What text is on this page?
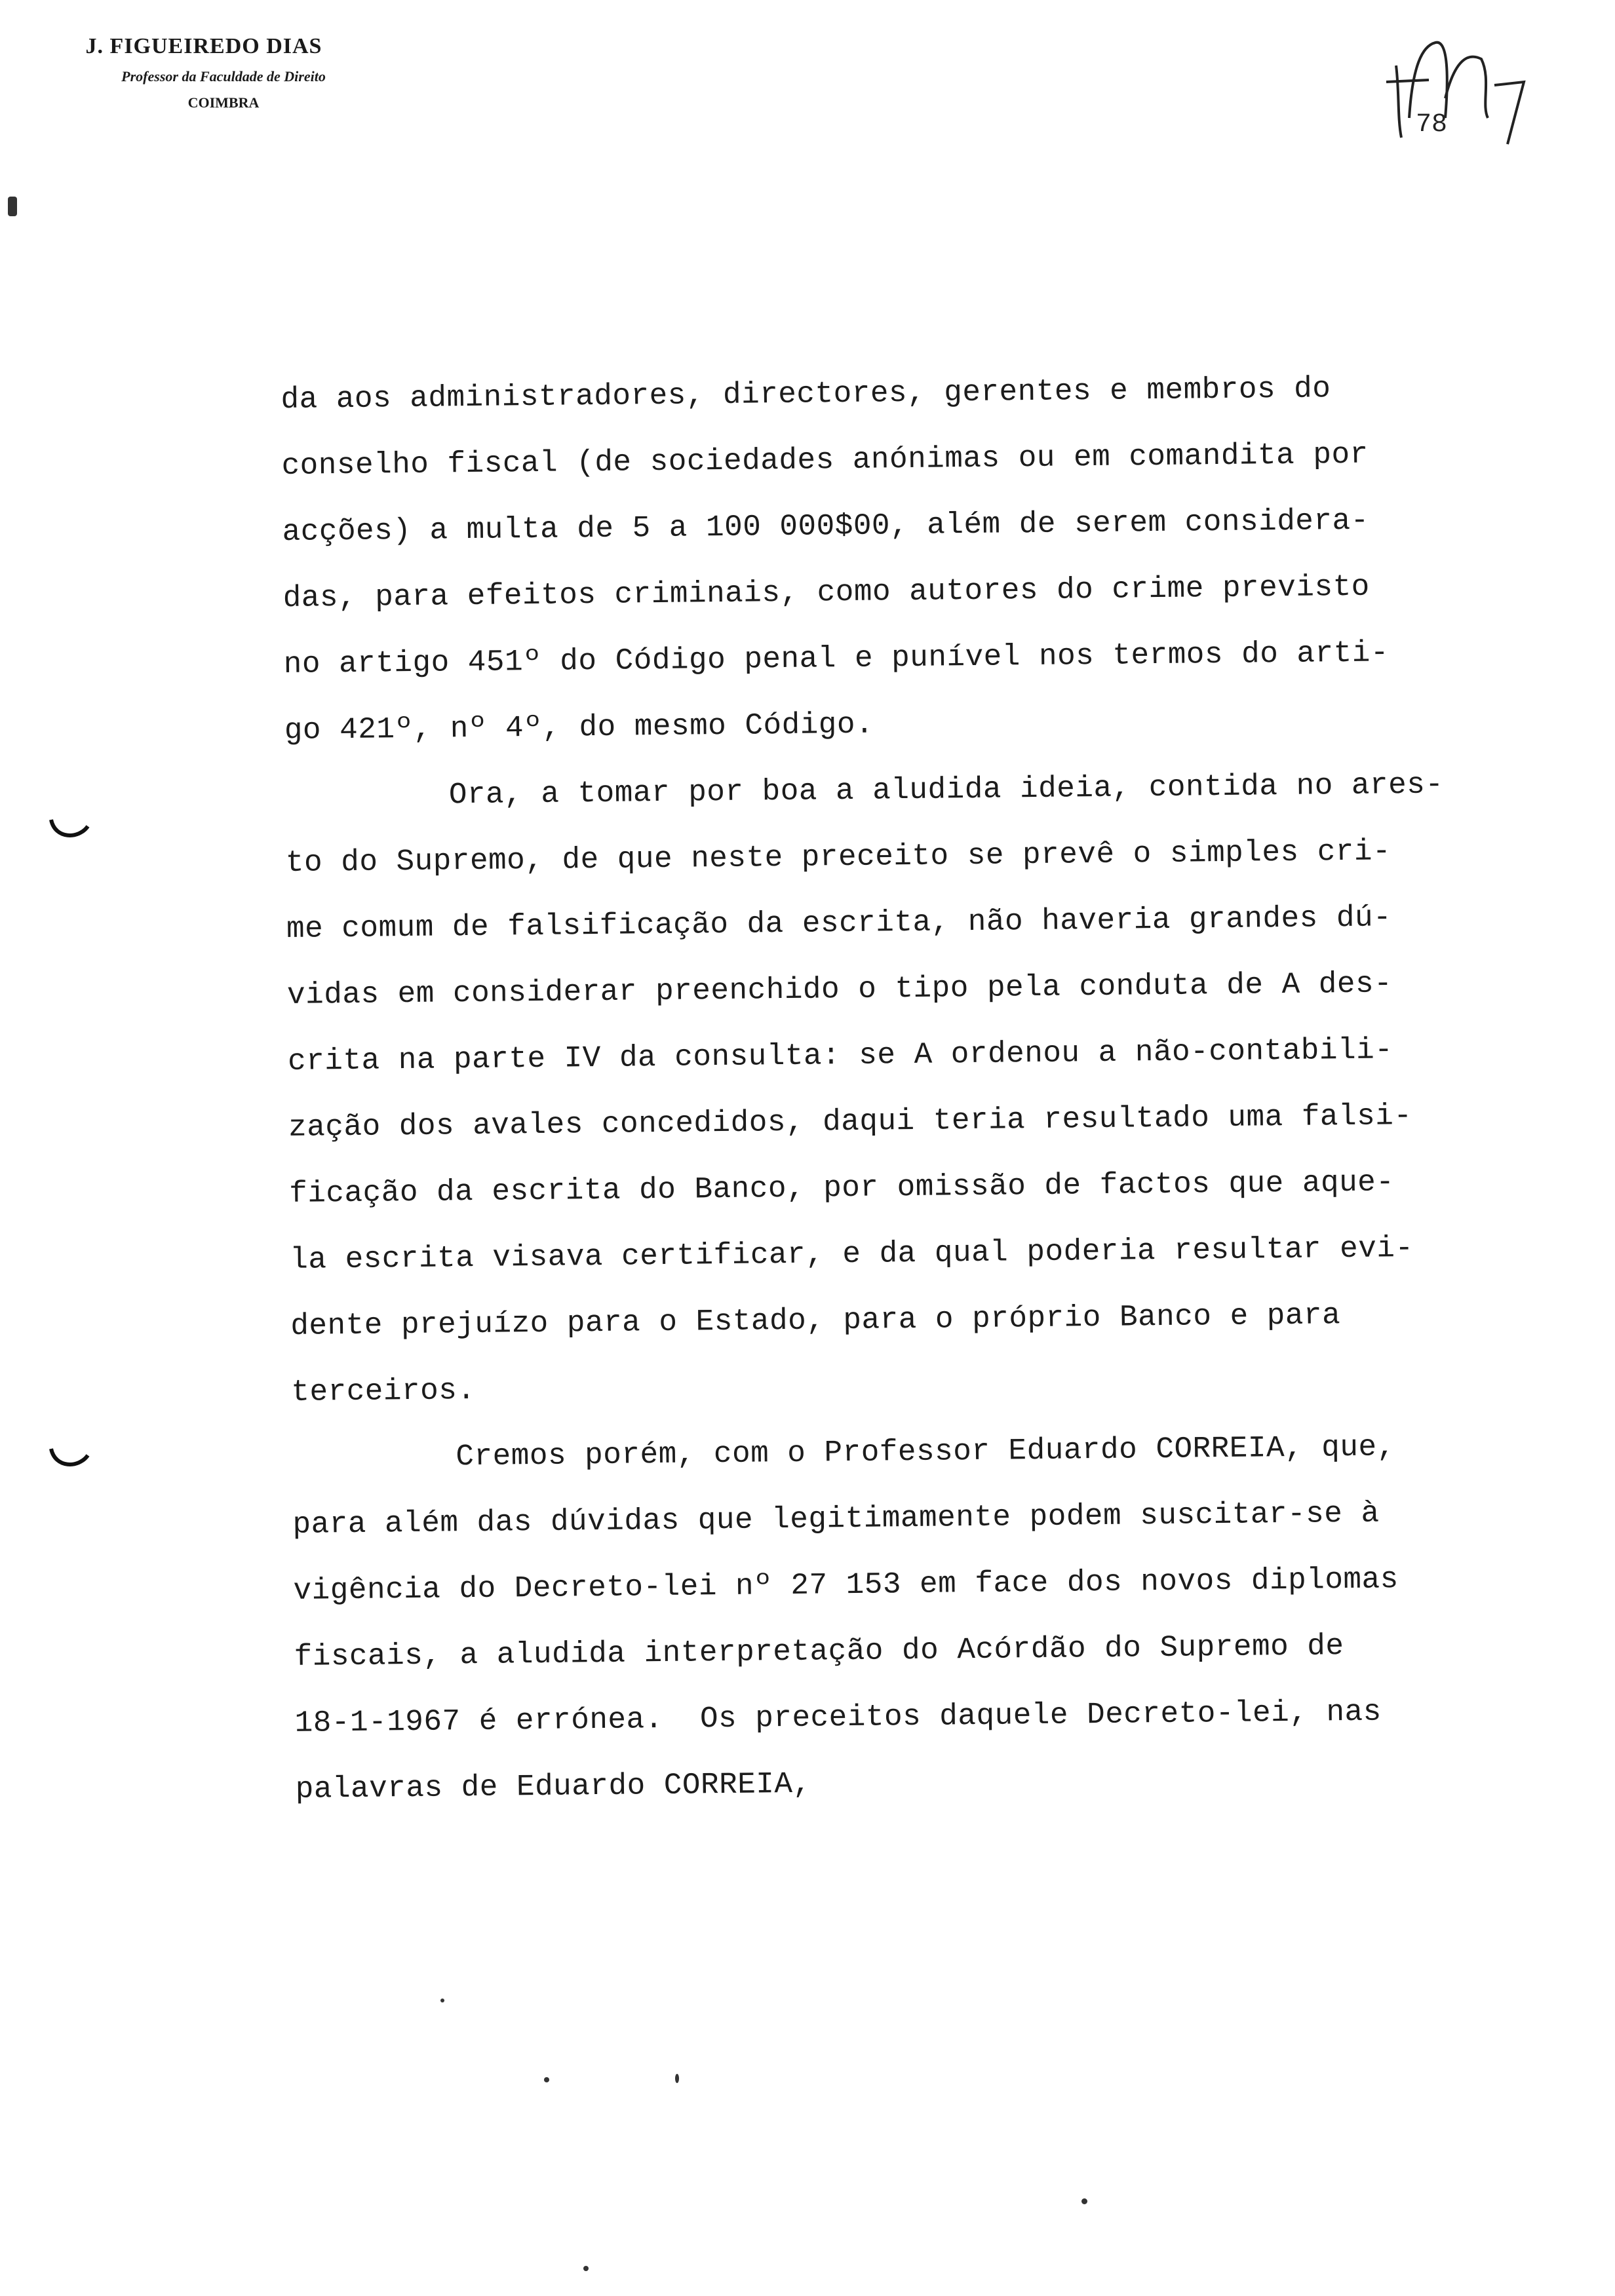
J. FIGUEIREDO DIAS
Professor da Faculdade de Direito
COIMBRA
78

da aos administradores, directores, gerentes e membros do

conselho fiscal (de sociedades anónimas ou em comandita por

acções) a multa de 5 a 100 000$00, além de serem considera-

das, para efeitos criminais, como autores do crime previsto

no artigo 451º do Código penal e punível nos termos do arti-

go 421º, nº 4º, do mesmo Código.

Ora, a tomar por boa a aludida ideia, contida no ares-

to do Supremo, de que neste preceito se prevê o simples cri-

me comum de falsificação da escrita, não haveria grandes dú-

vidas em considerar preenchido o tipo pela conduta de A des-

crita na parte IV da consulta: se A ordenou a não-contabili-

zação dos avales concedidos, daqui teria resultado uma falsi-

ficação da escrita do Banco, por omissão de factos que aque-

la escrita visava certificar, e da qual poderia resultar evi-

dente prejuízo para o Estado, para o próprio Banco e para

terceiros.

Cremos porém, com o Professor Eduardo CORREIA, que,

para além das dúvidas que legitimamente podem suscitar-se à

vigência do Decreto-lei nº 27 153 em face dos novos diplomas

fiscais, a aludida interpretação do Acórdão do Supremo de

18-1-1967 é errónea.  Os preceitos daquele Decreto-lei, nas

palavras de Eduardo CORREIA,
